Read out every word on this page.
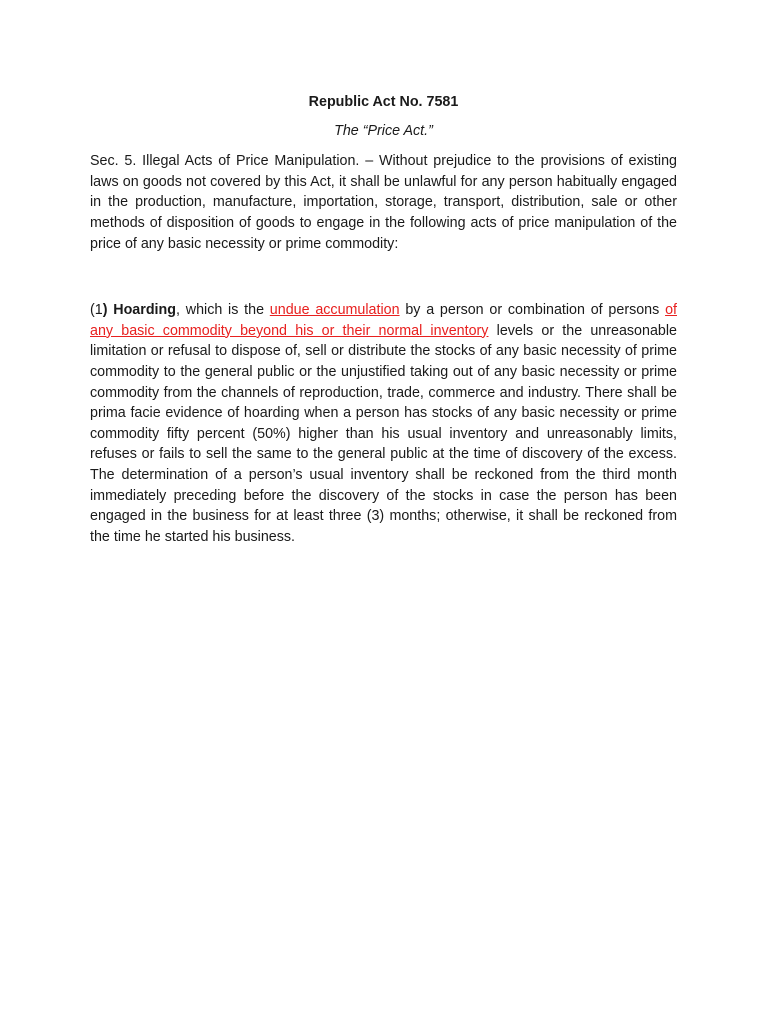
Republic Act No. 7581

The “Price Act.”

Sec. 5. Illegal Acts of Price Manipulation. – Without prejudice to the provisions of existing laws on goods not covered by this Act, it shall be unlawful for any person habitually engaged in the production, manufacture, importation, storage, transport, distribution, sale or other methods of disposition of goods to engage in the following acts of price manipulation of the price of any basic necessity or prime commodity:

(1) Hoarding, which is the undue accumulation by a person or combination of persons of any basic commodity beyond his or their normal inventory levels or the unreasonable limitation or refusal to dispose of, sell or distribute the stocks of any basic necessity of prime commodity to the general public or the unjustified taking out of any basic necessity or prime commodity from the channels of reproduction, trade, commerce and industry. There shall be prima facie evidence of hoarding when a person has stocks of any basic necessity or prime commodity fifty percent (50%) higher than his usual inventory and unreasonably limits, refuses or fails to sell the same to the general public at the time of discovery of the excess. The determination of a person’s usual inventory shall be reckoned from the third month immediately preceding before the discovery of the stocks in case the person has been engaged in the business for at least three (3) months; otherwise, it shall be reckoned from the time he started his business.
